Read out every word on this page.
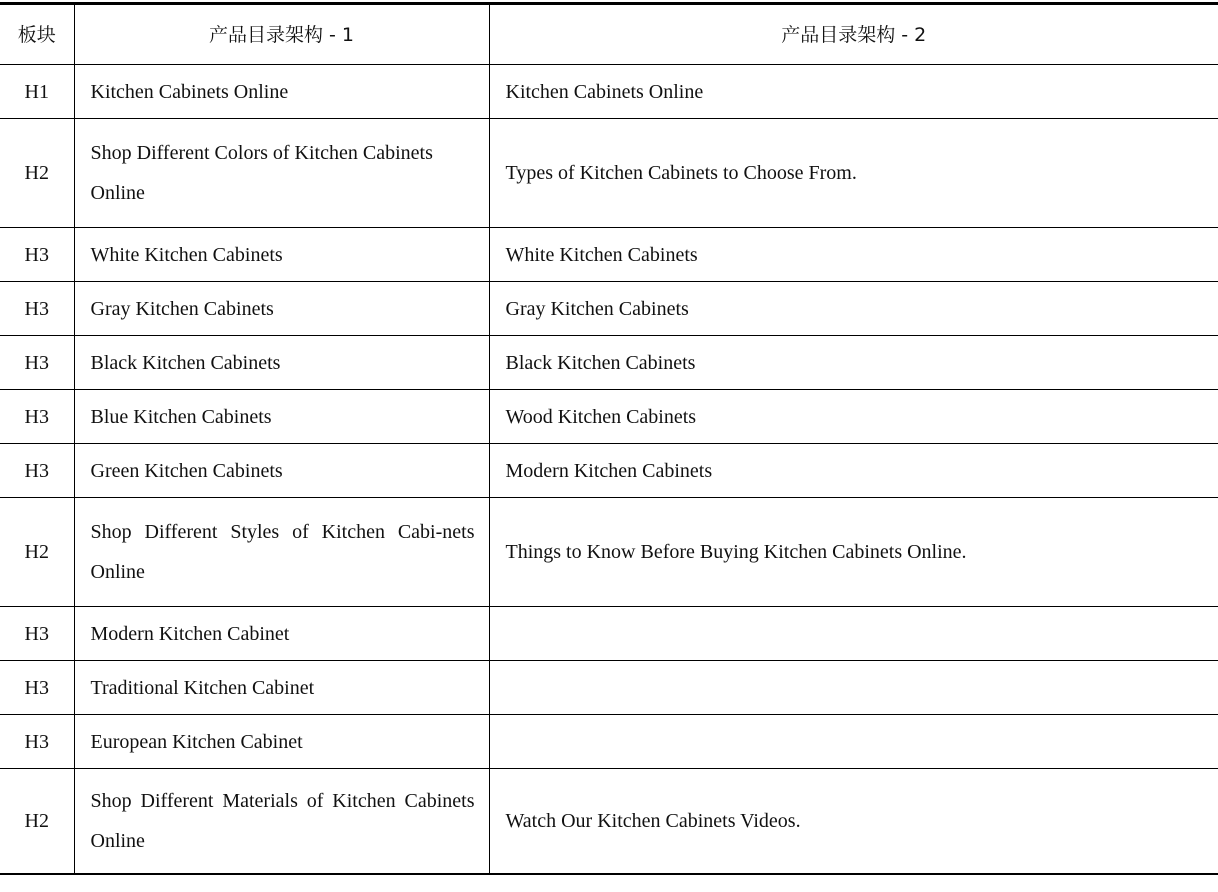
板块	产品目录架构 - 1	产品目录架构 - 2
H1	Kitchen Cabinets Online	Kitchen Cabinets Online
H2	Shop Different Colors of Kitchen Cabinets Online	Types of Kitchen Cabinets to Choose From.
H3	White Kitchen Cabinets	White Kitchen Cabinets
H3	Gray Kitchen Cabinets	Gray Kitchen Cabinets
H3	Black Kitchen Cabinets	Black Kitchen Cabinets
H3	Blue Kitchen Cabinets	Wood Kitchen Cabinets
H3	Green Kitchen Cabinets	Modern Kitchen Cabinets
H2	Shop Different Styles of Kitchen Cabi-nets Online	Things to Know Before Buying Kitchen Cabinets Online.
H3	Modern Kitchen Cabinet	
H3	Traditional Kitchen Cabinet	
H3	European Kitchen Cabinet	
H2	Shop Different Materials of Kitchen Cabinets Online	Watch Our Kitchen Cabinets Videos.
